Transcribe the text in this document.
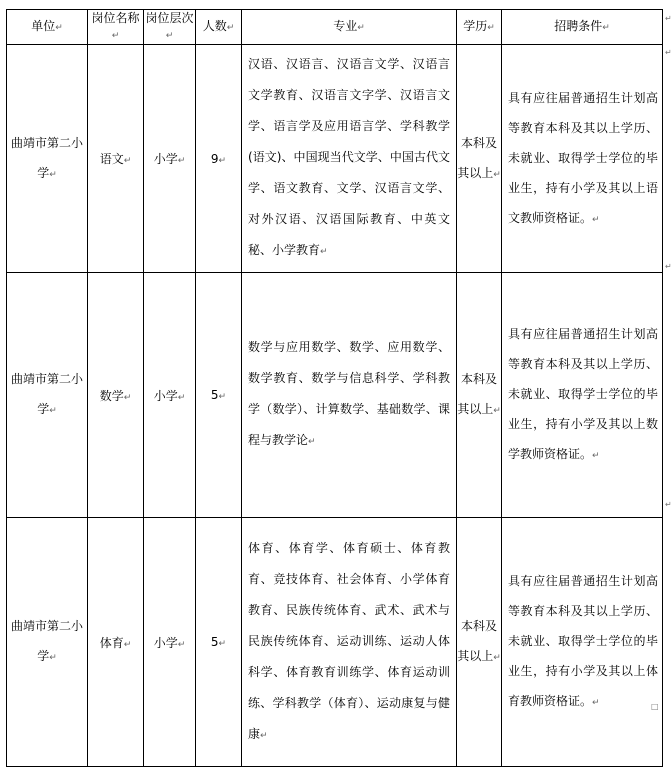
单位↵	岗位名称↵	岗位层次↵	人数↵	专业↵	学历↵	招聘条件↵
曲靖市第二小学↵	语文↵	小学↵	9↵	汉语、汉语言、汉语言文学、汉语言文学教育、汉语言文字学、汉语言文学、语言学及应用语言学、学科教学(语文)、中国现当代文学、中国古代文学、语文教育、文学、汉语言文学、对外汉语、汉语国际教育、中英文秘、小学教育↵	本科及其以上↵	具有应往届普通招生计划高等教育本科及其以上学历、未就业、取得学士学位的毕业生，持有小学及其以上语文教师资格证。↵
曲靖市第二小学↵	数学↵	小学↵	5↵	数学与应用数学、数学、应用数学、数学教育、数学与信息科学、学科教学（数学）、计算数学、基础数学、课程与教学论↵	本科及其以上↵	具有应往届普通招生计划高等教育本科及其以上学历、未就业、取得学士学位的毕业生，持有小学及其以上数学教师资格证。↵
曲靖市第二小学↵	体育↵	小学↵	5↵	体育、体育学、体育硕士、体育教育、竞技体育、社会体育、小学体育教育、民族传统体育、武术、武术与民族传统体育、运动训练、运动人体科学、体育教育训练学、体育运动训练、学科教学（体育）、运动康复与健康↵	本科及其以上↵	具有应往届普通招生计划高等教育本科及其以上学历、未就业、取得学士学位的毕业生，持有小学及其以上体育教师资格证。↵
↵
↵
↵
↵
□
